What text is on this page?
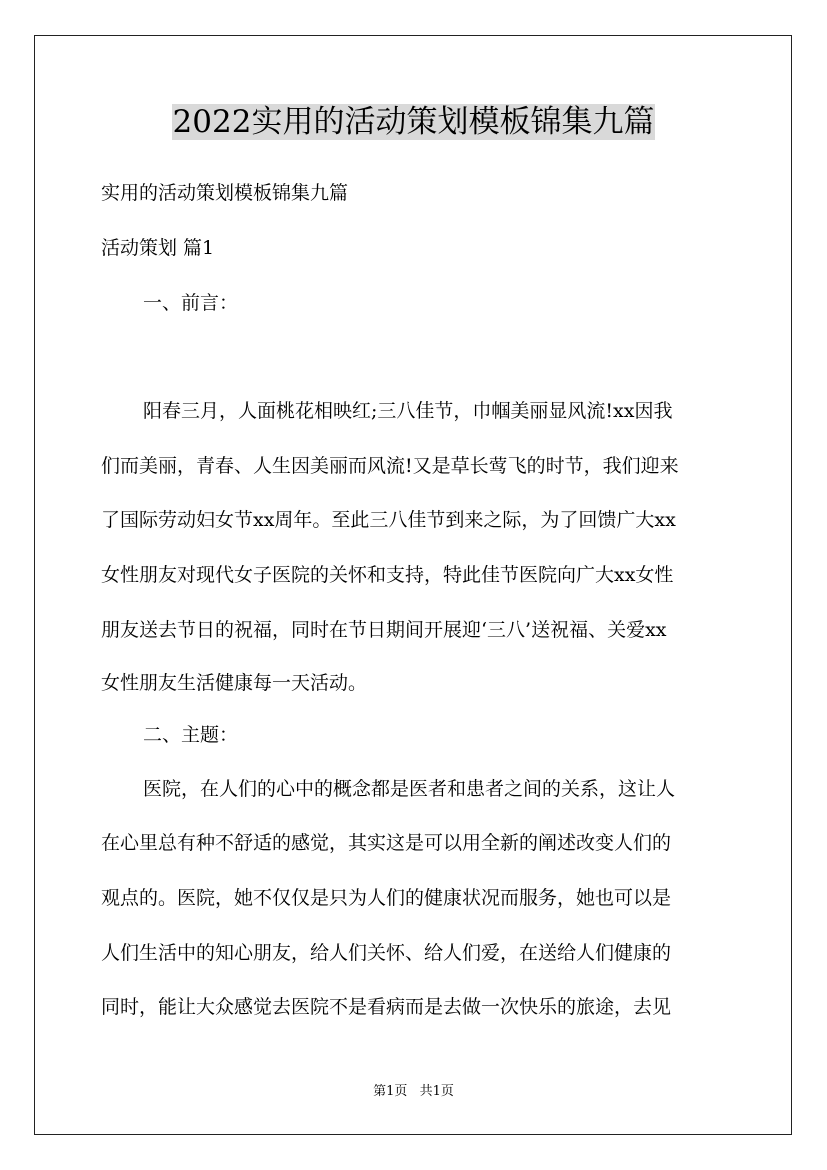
2022实用的活动策划模板锦集九篇
实用的活动策划模板锦集九篇
活动策划 篇1
一、前言：
阳春三月，人面桃花相映红;三八佳节，巾帼美丽显风流!xx因我
们而美丽，青春、人生因美丽而风流!又是草长莺飞的时节，我们迎来
了国际劳动妇女节xx周年。至此三八佳节到来之际，为了回馈广大xx
女性朋友对现代女子医院的关怀和支持，特此佳节医院向广大xx女性
朋友送去节日的祝福，同时在节日期间开展迎‘三八’送祝福、关爱xx
女性朋友生活健康每一天活动。
二、主题：
医院，在人们的心中的概念都是医者和患者之间的关系，这让人
在心里总有种不舒适的感觉，其实这是可以用全新的阐述改变人们的
观点的。医院，她不仅仅是只为人们的健康状况而服务，她也可以是
人们生活中的知心朋友，给人们关怀、给人们爱，在送给人们健康的
同时，能让大众感觉去医院不是看病而是去做一次快乐的旅途，去见
第1页 共1页
